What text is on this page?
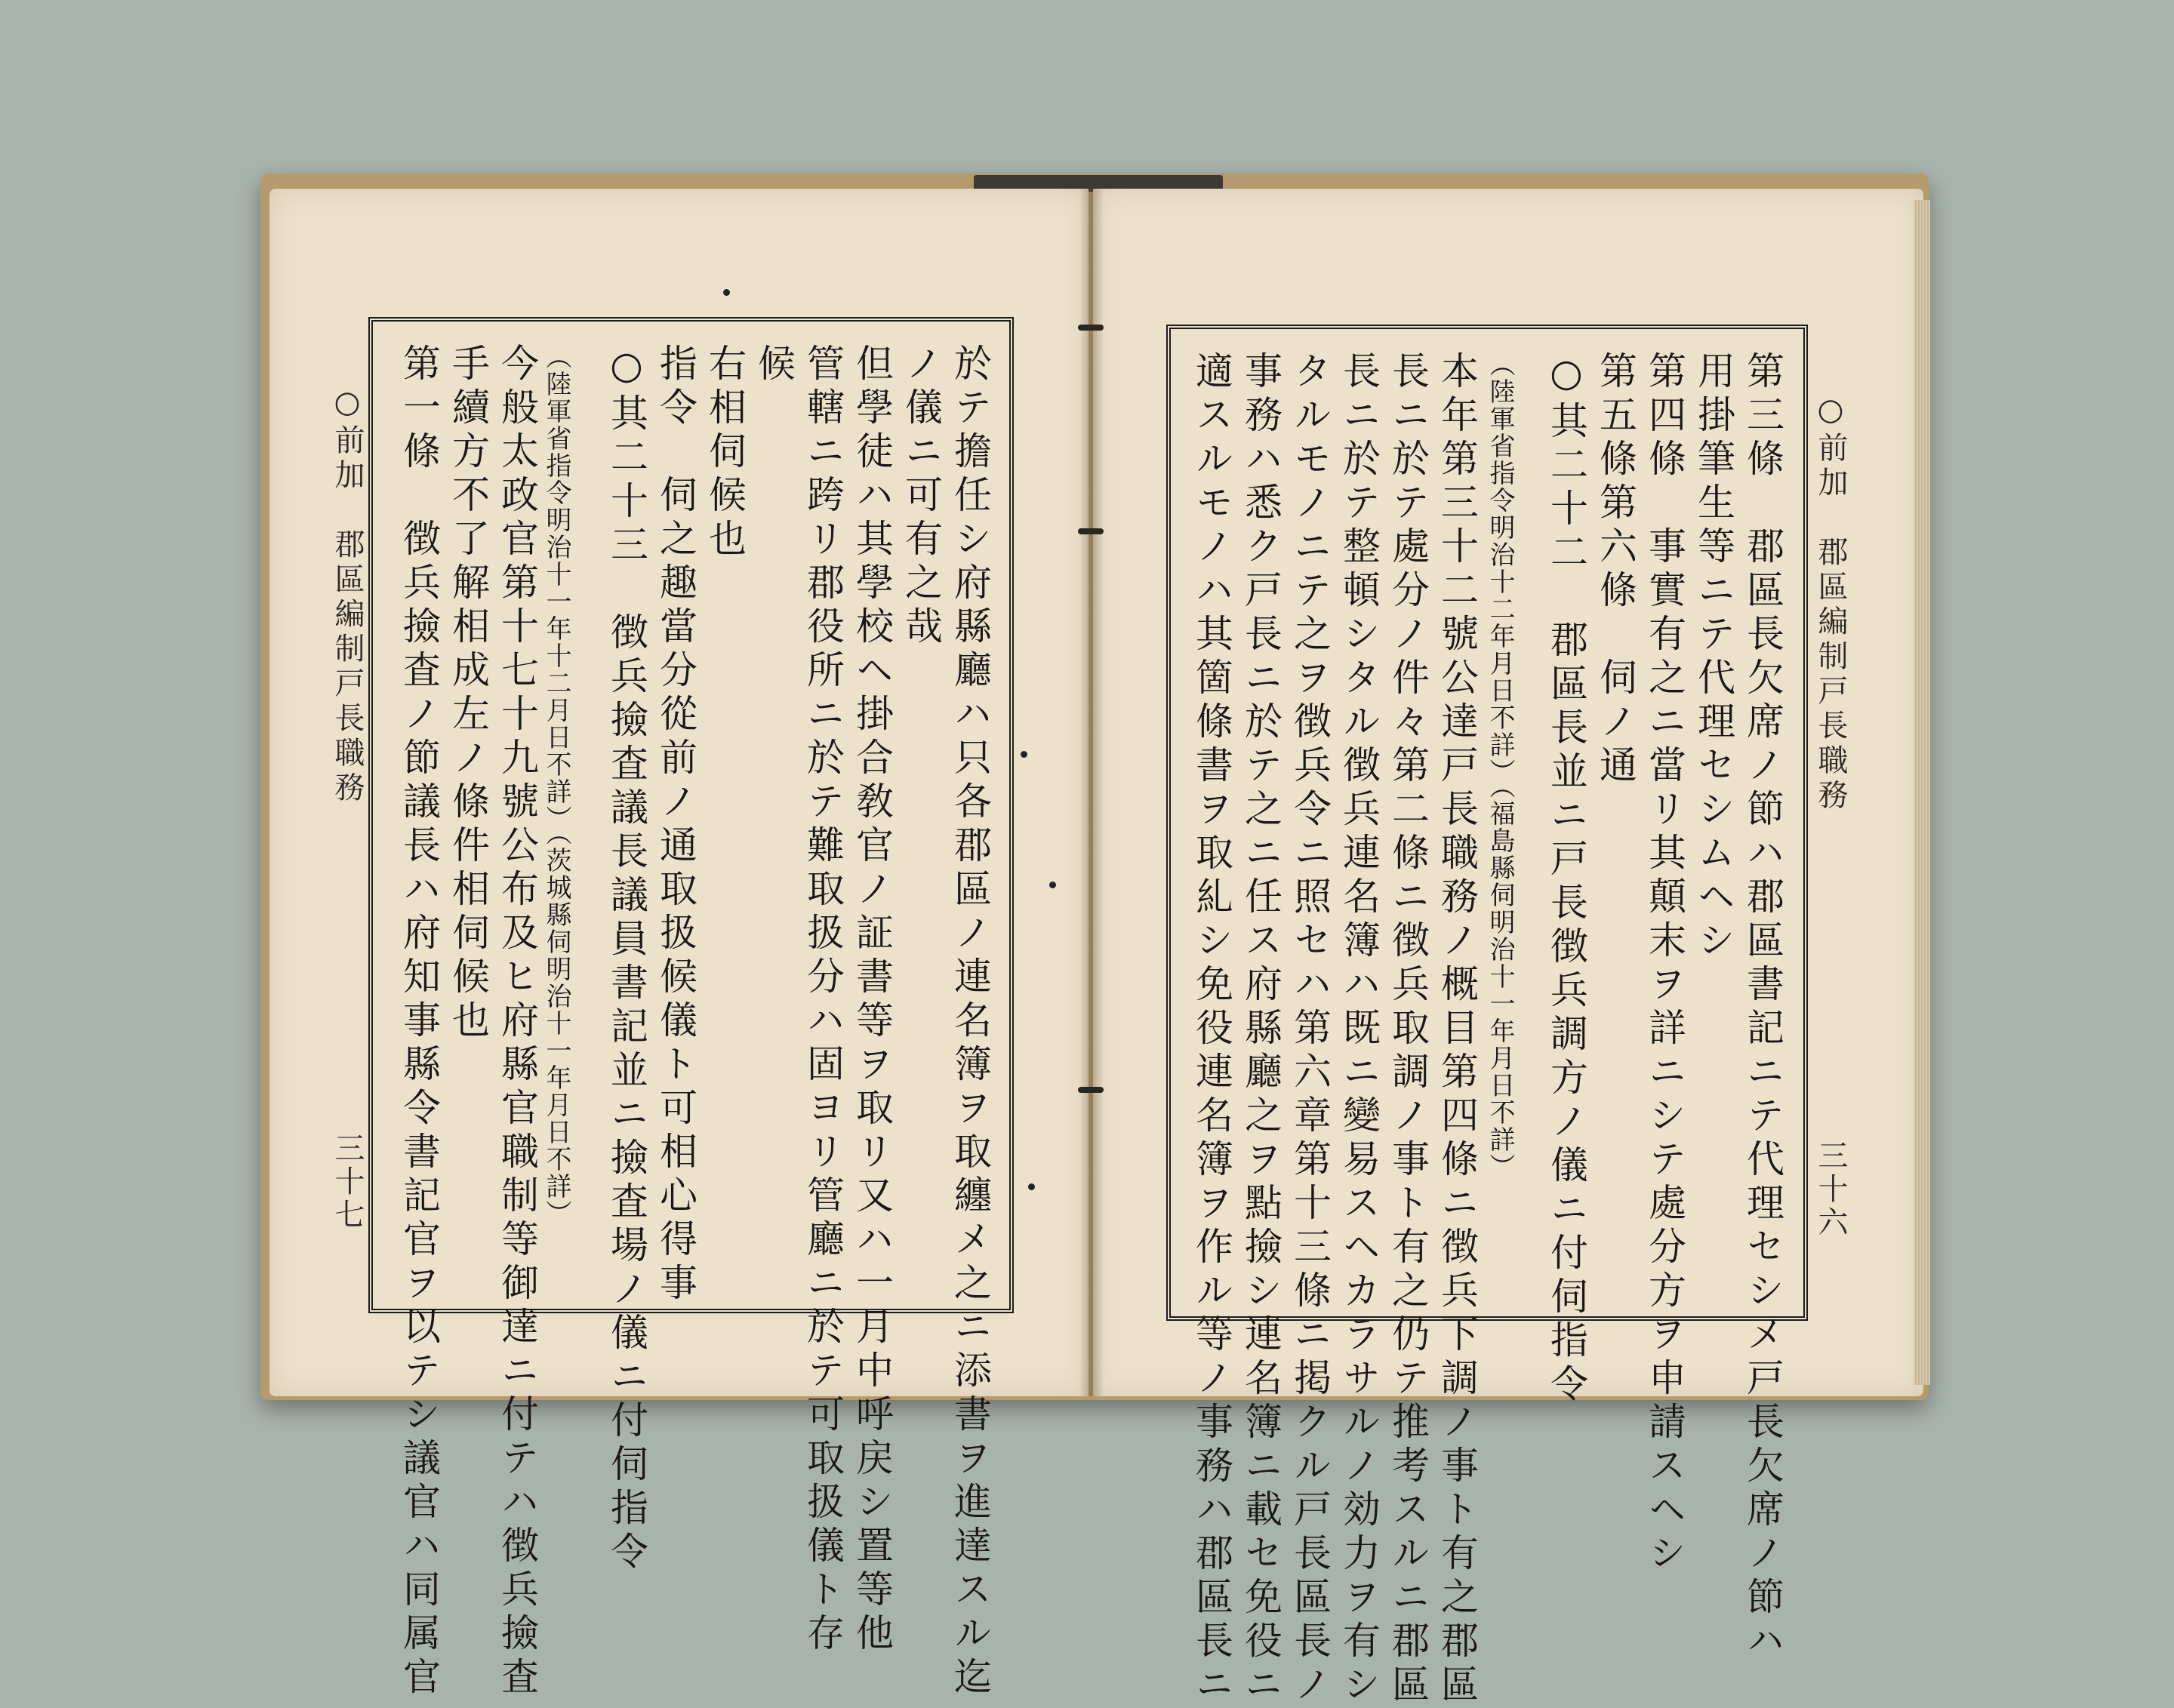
○前加　郡區編制戸長職務
三十七	於テ擔任シ府縣廳ハ只各郡區ノ連名簿ヲ取纏メ之ニ添書ヲ進達スル迄
ノ儀ニ可有之哉
但學徒ハ其學校ヘ掛合敎官ノ証書等ヲ取リ又ハ一月中呼戻シ置等他
管轄ニ跨リ郡役所ニ於テ難取扱分ハ固ヨリ管廳ニ於テ可取扱儀ト存
候
右相伺候也
指令　伺之趣當分從前ノ通取扱候儀ト可相心得事
○其二十三　徴兵撿査議長議員書記並ニ撿査場ノ儀ニ付伺指令
（陸軍省指令明治十一年十二月日不詳）（茨城縣伺明治十一年月日不詳）
今般太政官第十七十九號公布及ヒ府縣官職制等御達ニ付テハ徴兵撿査
手續方不了解相成左ノ條件相伺候也
第一條　徴兵撿査ノ節議長ハ府知事縣令書記官ヲ以テシ議官ハ同属官	○前加　郡區編制戸長職務
三十六
第三條　郡區長欠席ノ節ハ郡區書記ニテ代理セシメ戸長欠席ノ節ハ
用掛筆生等ニテ代理セシムヘシ
第四條　事實有之ニ當リ其顛末ヲ詳ニシテ處分方ヲ申請スヘシ
第五條第六條　伺ノ通
○其二十二　郡區長並ニ戸長徴兵調方ノ儀ニ付伺指令
（陸軍省指令明治十二年月日不詳）（福島縣伺明治十一年月日不詳）
本年第三十二號公達戸長職務ノ概目第四條ニ徴兵下調ノ事ト有之郡區
長ニ於テ處分ノ件々第二條ニ徴兵取調ノ事ト有之仍テ推考スルニ郡區
長ニ於テ整頓シタル徴兵連名簿ハ既ニ變易スヘカラサルノ効力ヲ有シ
タルモノニテ之ヲ徴兵令ニ照セハ第六章第十三條ニ掲クル戸長區長ノ
事務ハ悉ク戸長ニ於テ之ニ任ス府縣廳之ヲ點撿シ連名簿ニ載セ免役ニ
適スルモノハ其箇條書ヲ取糺シ免役連名簿ヲ作ル等ノ事務ハ郡區長ニ
